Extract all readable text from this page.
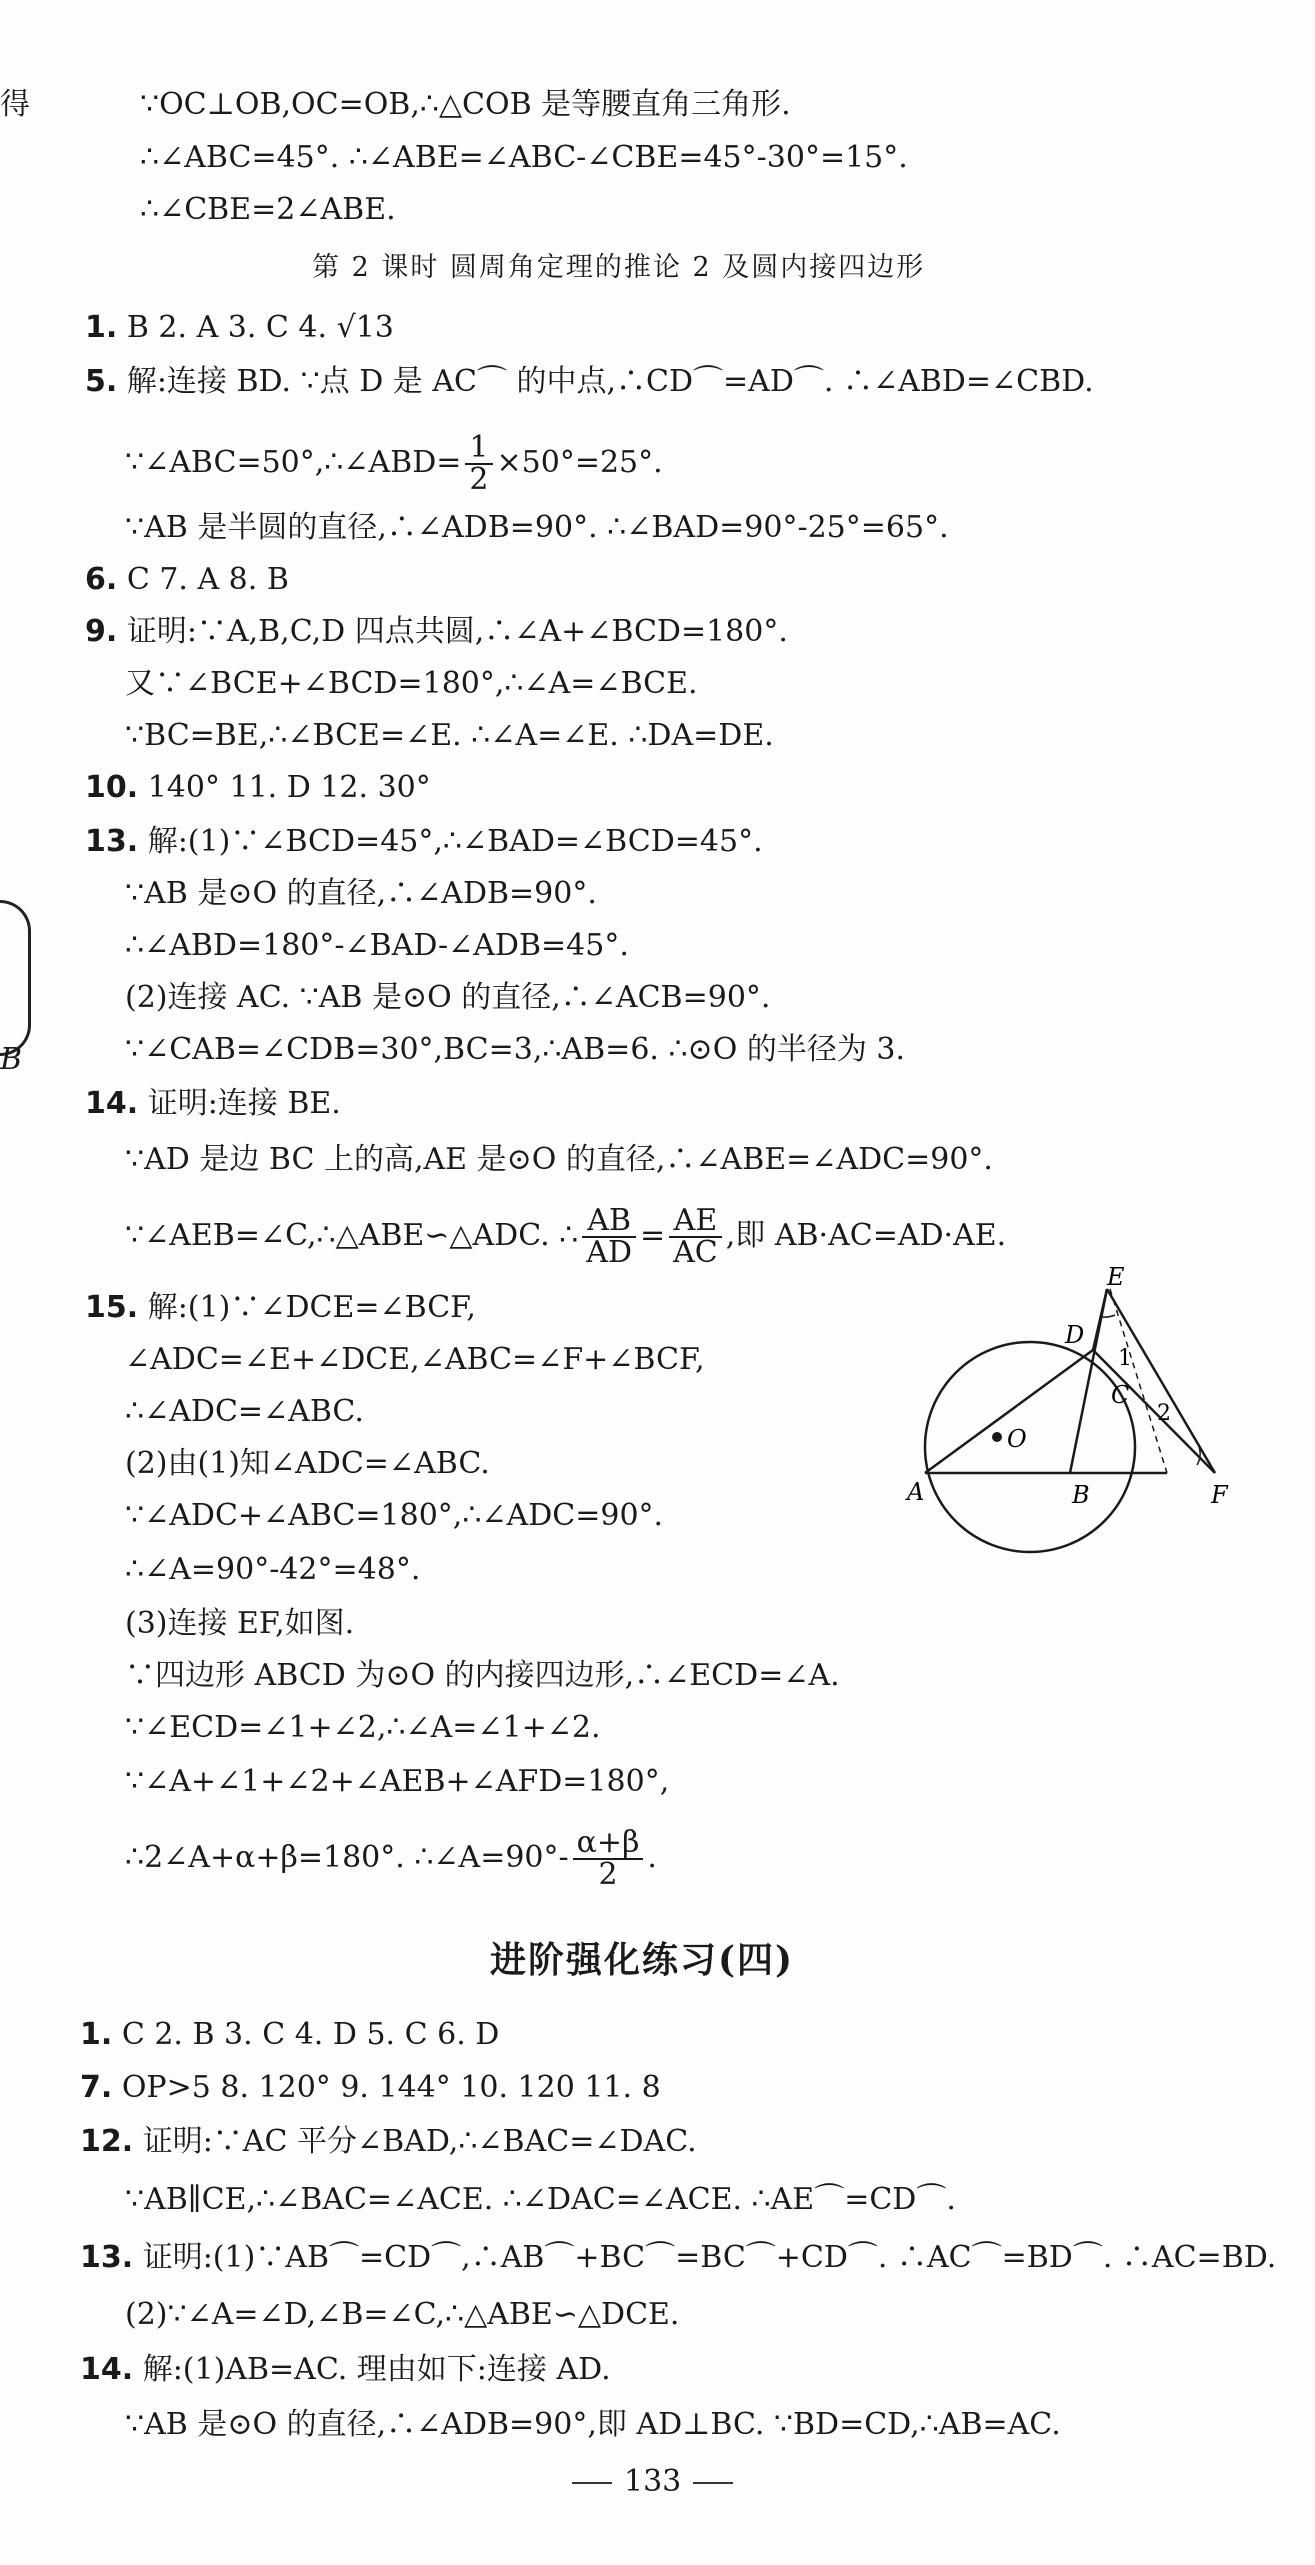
得
B
∵OC⊥OB,OC=OB,∴△COB 是等腰直角三角形.
∴∠ABC=45°. ∴∠ABE=∠ABC-∠CBE=45°-30°=15°.
∴∠CBE=2∠ABE.
第 2 课时 圆周角定理的推论 2 及圆内接四边形
1. B 2. A 3. C 4. √13
5. 解:连接 BD. ∵点 D 是 AC⌒ 的中点,∴CD⌒=AD⌒. ∴∠ABD=∠CBD.
∵∠ABC=50°,∴∠ABD= $\frac{1}{2} \times 50^\circ=25^\circ$.
∵AB 是半圆的直径,∴∠ADB=90°. ∴∠BAD=90°-25°=65°.
6. C 7. A 8. B
9. 证明:∵A,B,C,D 四点共圆,∴∠A+∠BCD=180°.
又∵∠BCE+∠BCD=180°,∴∠A=∠BCE.
∵BC=BE,∴∠BCE=∠E. ∴∠A=∠E. ∴DA=DE.
10. 140° 11. D 12. 30°
13. 解:(1)∵∠BCD=45°,∴∠BAD=∠BCD=45°.
∵AB 是⊙O 的直径,∴∠ADB=90°.
∴∠ABD=180°-∠BAD-∠ADB=45°.
(2)连接 AC. ∵AB 是⊙O 的直径,∴∠ACB=90°.
∵∠CAB=∠CDB=30°,BC=3,∴AB=6. ∴⊙O 的半径为 3.
14. 证明:连接 BE.
∵AD 是边 BC 上的高,AE 是⊙O 的直径,∴∠ABE=∠ADC=90°.
∵∠AEB=∠C,∴△ABE∽△ADC. ∴ $\frac{AB}{AD} = \frac{AE}{AC}$ ,即 AB·AC=AD·AE.
15. 解:(1)∵∠DCE=∠BCF,
∠ADC=∠E+∠DCE,∠ABC=∠F+∠BCF,
∴∠ADC=∠ABC.
(2)由(1)知∠ADC=∠ABC.
∵∠ADC+∠ABC=180°,∴∠ADC=90°.
∴∠A=90°-42°=48°.
(3)连接 EF,如图.
∵四边形 ABCD 为⊙O 的内接四边形,∴∠ECD=∠A.
∵∠ECD=∠1+∠2,∴∠A=∠1+∠2.
∵∠A+∠1+∠2+∠AEB+∠AFD=180°,
∴2∠A+α+β=180°. ∴∠A=90°- $\frac{\alpha+\beta}{2}$ .
E
D
C
O
A	B	F
1
2
进阶强化练习(四)
1. C 2. B 3. C 4. D 5. C 6. D
7. OP>5 8. 120° 9. 144° 10. 120 11. 8
12. 证明:∵AC 平分∠BAD,∴∠BAC=∠DAC.
∵AB∥CE,∴∠BAC=∠ACE. ∴∠DAC=∠ACE. ∴AE⌒=CD⌒.
13. 证明:(1)∵AB⌒=CD⌒,∴AB⌒+BC⌒=BC⌒+CD⌒. ∴AC⌒=BD⌒. ∴AC=BD.
(2)∵∠A=∠D,∠B=∠C,∴△ABE∽△DCE.
14. 解:(1)AB=AC. 理由如下:连接 AD.
∵AB 是⊙O 的直径,∴∠ADB=90°,即 AD⊥BC. ∵BD=CD,∴AB=AC.
133
